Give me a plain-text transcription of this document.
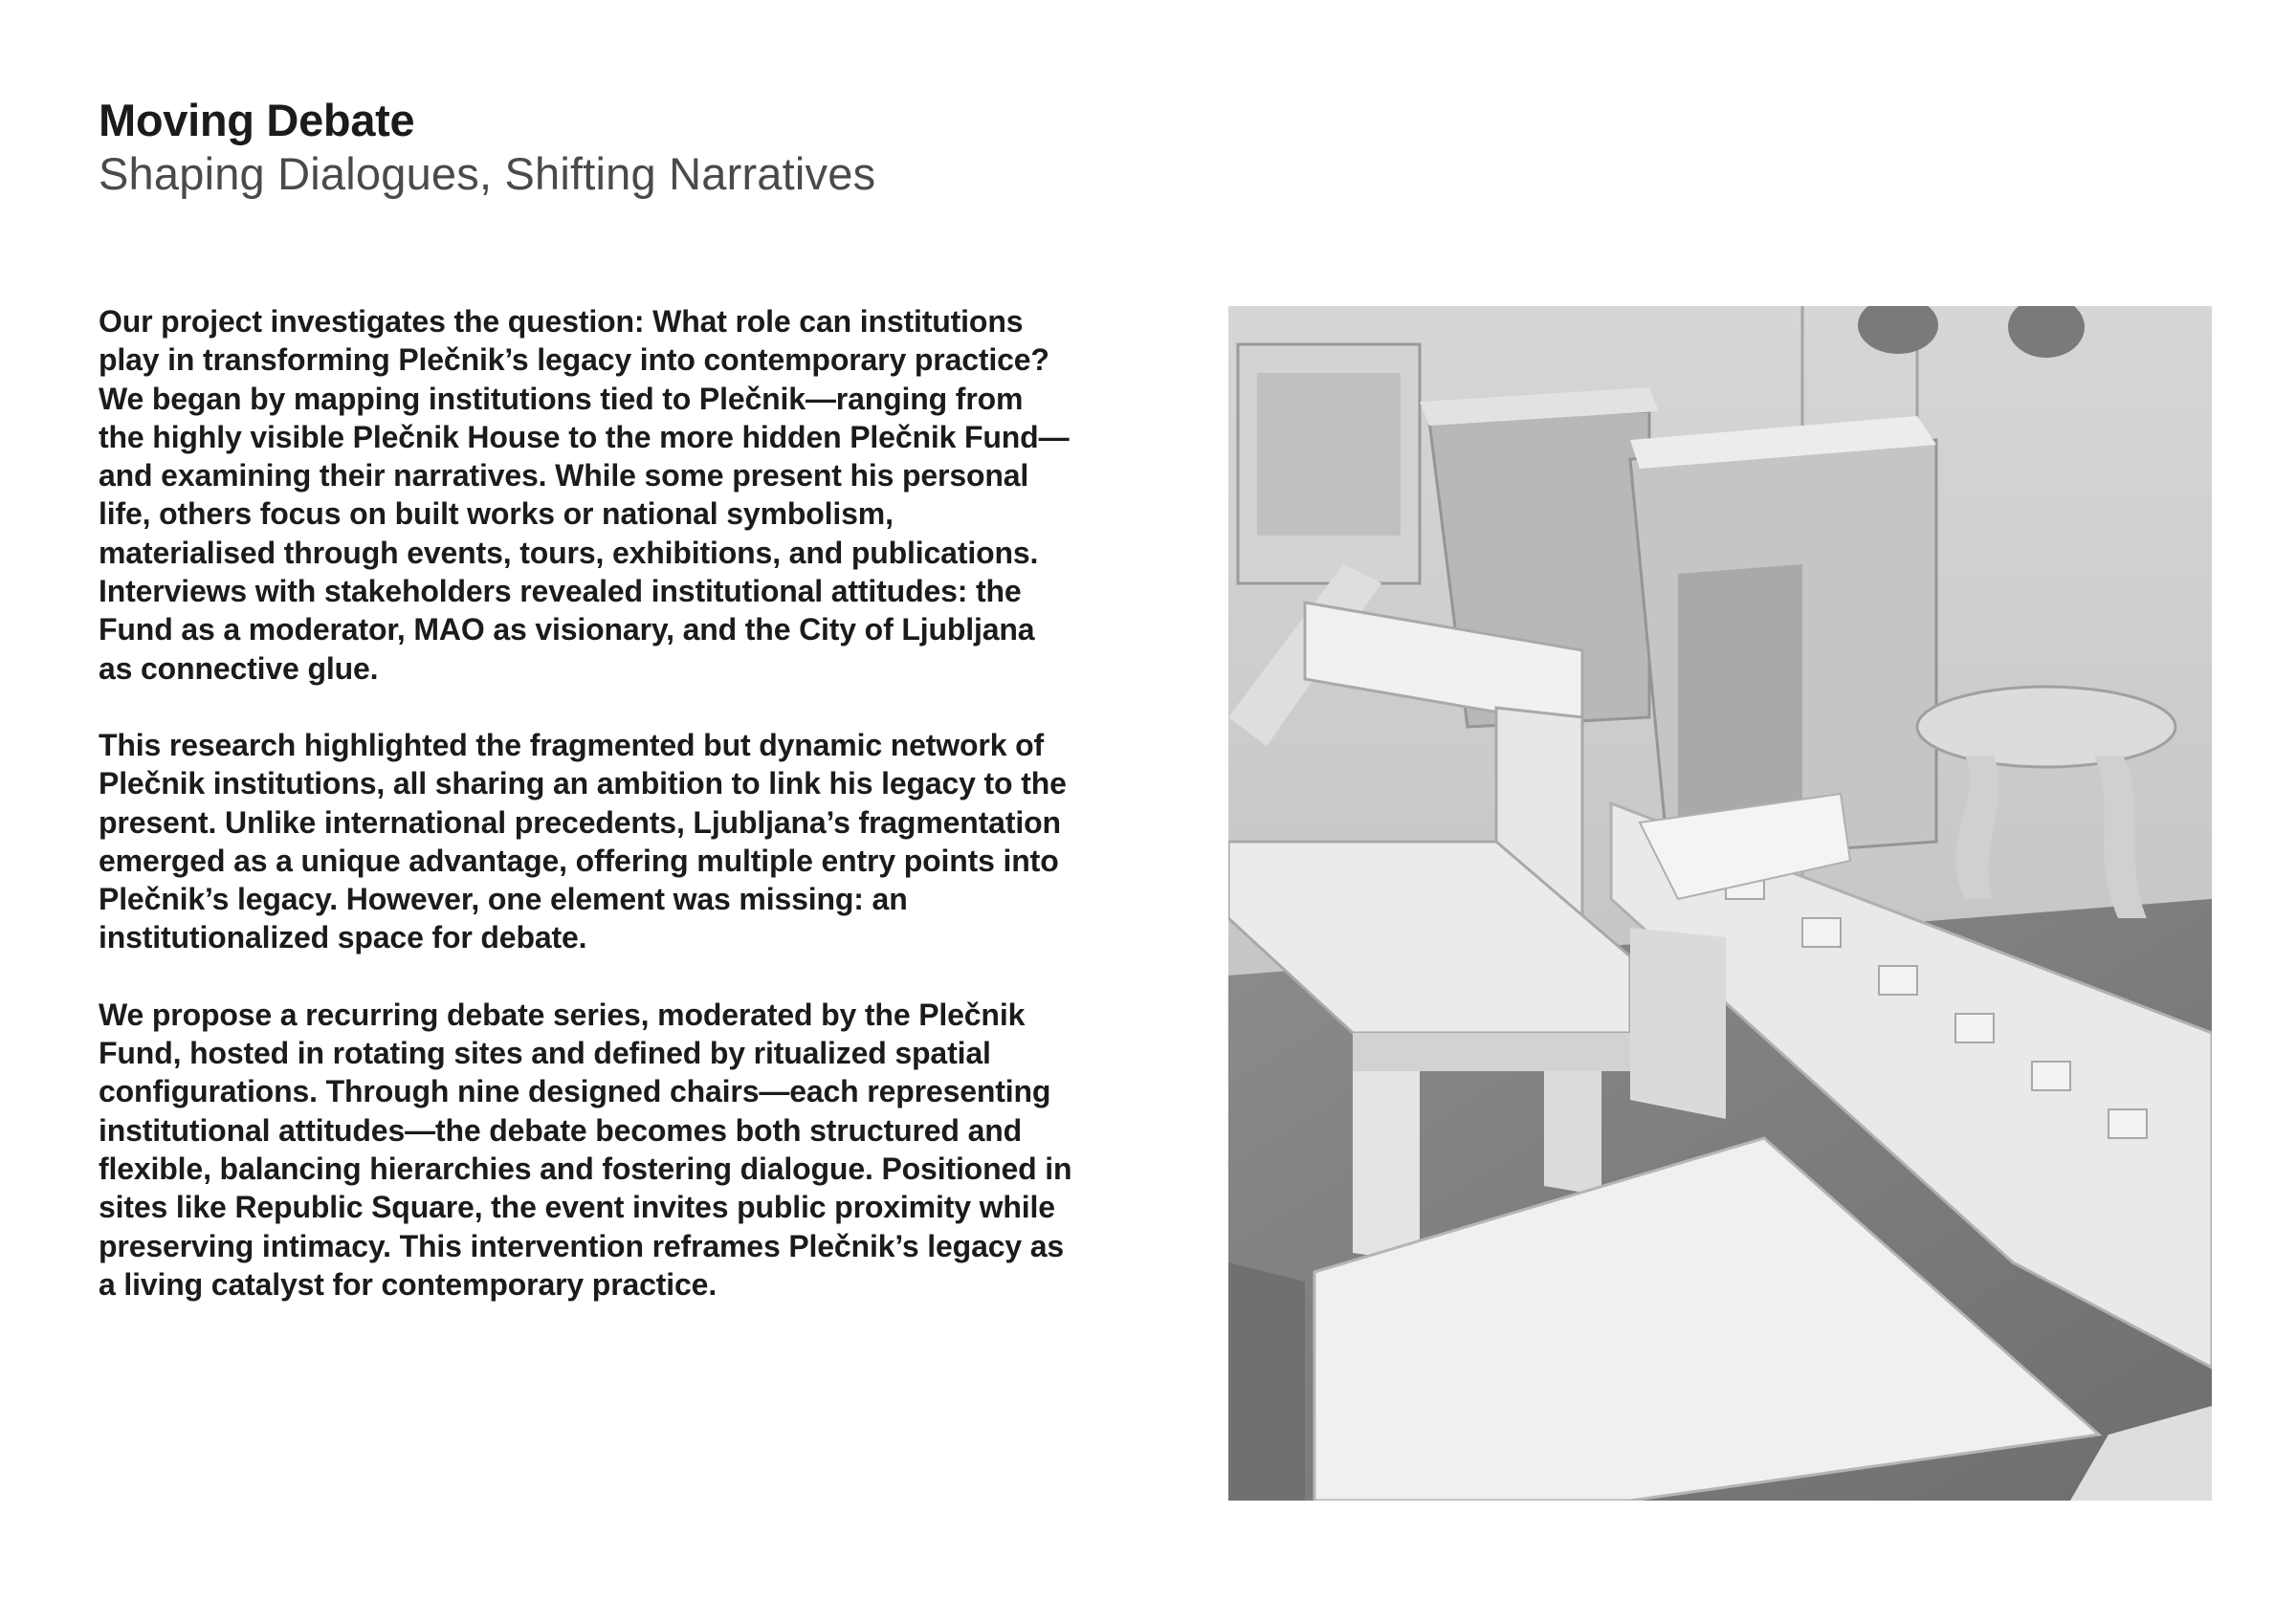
Moving Debate
Shaping Dialogues, Shifting Narratives

Our project investigates the question: What role can institutions play in transforming Plečnik’s legacy into contemporary practice? We began by mapping institutions tied to Plečnik—ranging from the highly visible Plečnik House to the more hidden Plečnik Fund—and examining their narratives. While some present his personal life, others focus on built works or national symbolism, materialised through events, tours, exhibitions, and publications. Interviews with stakeholders revealed institutional attitudes: the Fund as a moderator, MAO as visionary, and the City of Ljubljana as connective glue.

This research highlighted the fragmented but dynamic network of Plečnik institutions, all sharing an ambition to link his legacy to the present. Unlike international precedents, Ljubljana’s fragmentation emerged as a unique advantage, offering multiple entry points into Plečnik’s legacy. However, one element was missing: an institutionalized space for debate.

We propose a recurring debate series, moderated by the Plečnik Fund, hosted in rotating sites and defined by ritualized spatial configurations. Through nine designed chairs—each representing institutional attitudes—the debate becomes both structured and flexible, balancing hierarchies and fostering dialogue. Positioned in sites like Republic Square, the event invites public proximity while preserving intimacy. This intervention reframes Plečnik’s legacy as a living catalyst for contemporary practice.
